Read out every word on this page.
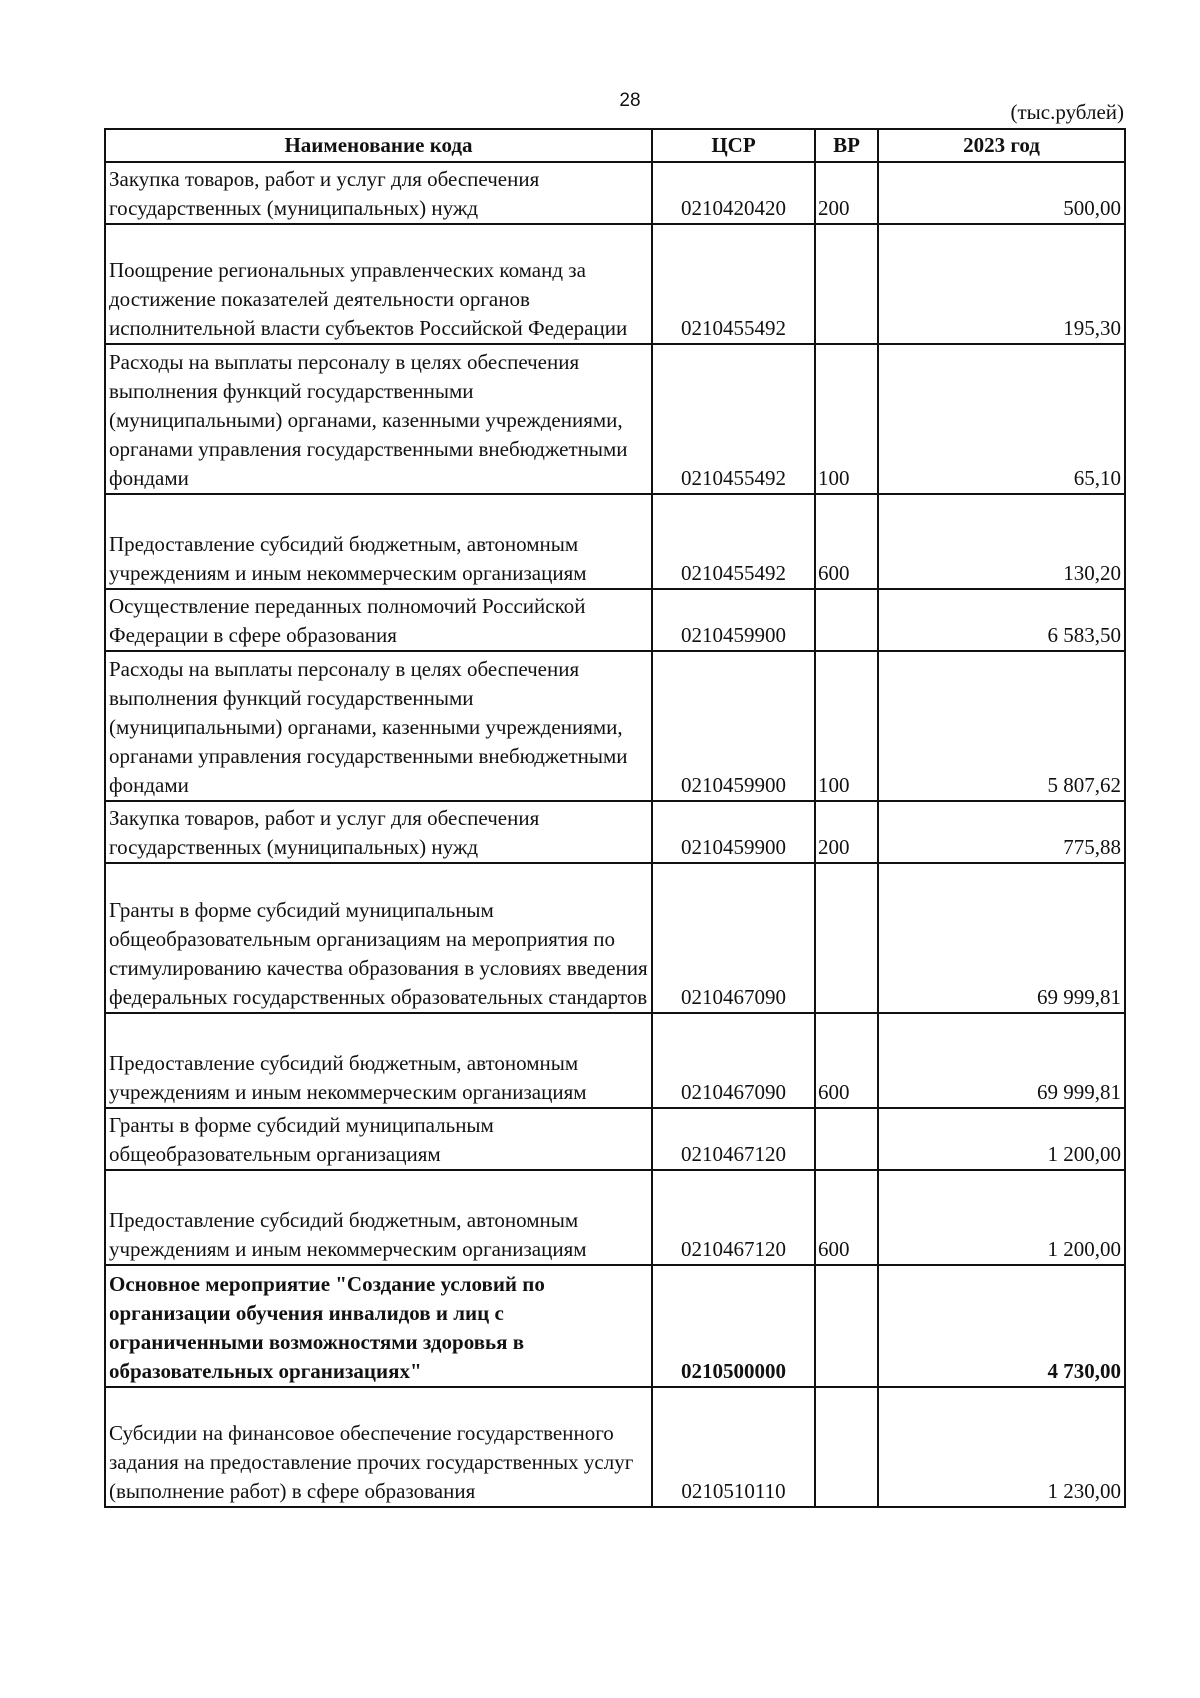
28	(тыс.рублей)
Наименование кода	ЦСР	ВР	2023 год
Закупка товаров, работ и услуг для обеспечения государственных (муниципальных) нужд	0210420420	200	500,00
Поощрение региональных управленческих команд за достижение показателей деятельности органов исполнительной власти субъектов Российской Федерации	0210455492		195,30
Расходы на выплаты персоналу в целях обеспечения выполнения функций государственными (муниципальными) органами, казенными учреждениями, органами управления государственными внебюджетными фондами	0210455492	100	65,10
Предоставление субсидий бюджетным, автономным учреждениям и иным некоммерческим организациям	0210455492	600	130,20
Осуществление переданных полномочий Российской Федерации в сфере образования	0210459900		6 583,50
Расходы на выплаты персоналу в целях обеспечения выполнения функций государственными (муниципальными) органами, казенными учреждениями, органами управления государственными внебюджетными фондами	0210459900	100	5 807,62
Закупка товаров, работ и услуг для обеспечения государственных (муниципальных) нужд	0210459900	200	775,88
Гранты в форме субсидий муниципальным общеобразовательным организациям на мероприятия по стимулированию качества образования в условиях введения федеральных государственных образовательных стандартов	0210467090		69 999,81
Предоставление субсидий бюджетным, автономным учреждениям и иным некоммерческим организациям	0210467090	600	69 999,81
Гранты в форме субсидий муниципальным общеобразовательным организациям	0210467120		1 200,00
Предоставление субсидий бюджетным, автономным учреждениям и иным некоммерческим организациям	0210467120	600	1 200,00
Основное мероприятие "Создание условий по организации обучения инвалидов и лиц с ограниченными возможностями здоровья в образовательных организациях"	0210500000		4 730,00
Субсидии на финансовое обеспечение государственного задания на предоставление прочих государственных услуг (выполнение работ) в сфере образования	0210510110		1 230,00
